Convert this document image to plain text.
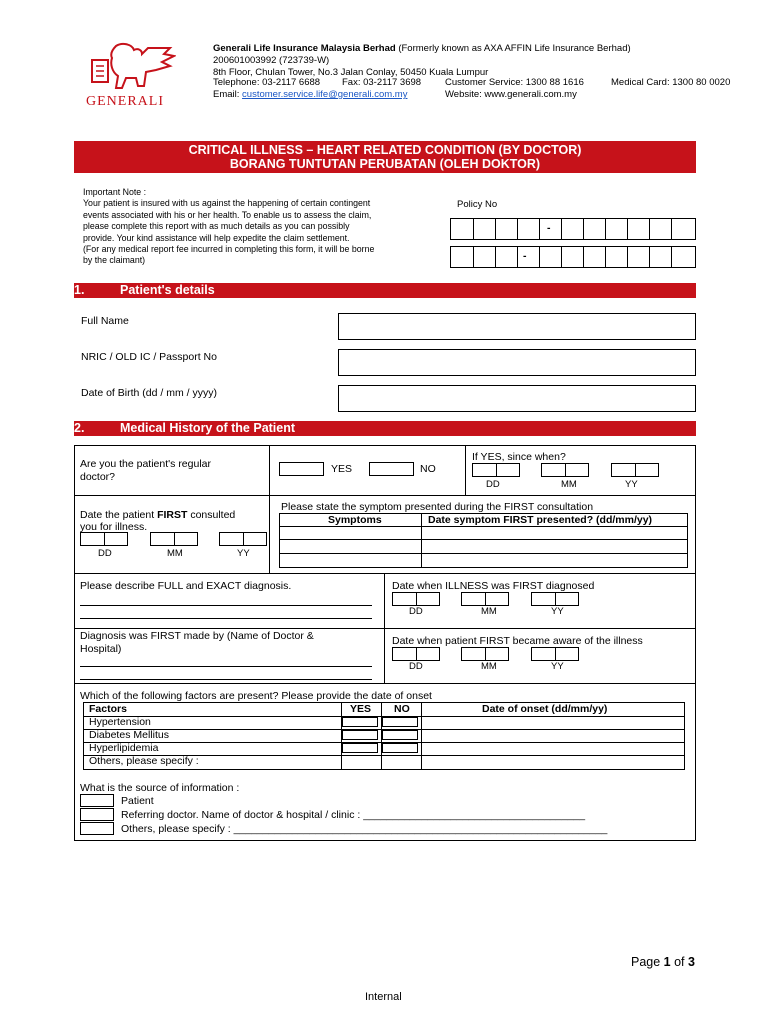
GENERALI
Generali Life Insurance Malaysia Berhad (Formerly known as AXA AFFIN Life Insurance Berhad)
200601003992 (723739-W)
8th Floor, Chulan Tower, No.3 Jalan Conlay, 50450 Kuala Lumpur
Telephone: 03-2117 6688 Fax: 03-2117 3698	Customer Service: 1300 88 1616	Medical Card: 1300 80 0020
Email: customer.service.life@generali.com.my	Website: www.generali.com.my
CRITICAL ILLNESS – HEART RELATED CONDITION (BY DOCTOR)
BORANG TUNTUTAN PERUBATAN (OLEH DOKTOR)
Important Note :
Your patient is insured with us against the happening of certain contingent
events associated with his or her health. To enable us to assess the claim,
please complete this report with as much details as you can possibly
provide. Your kind assistance will help expedite the claim settlement.
(For any medical report fee incurred in completing this form, it will be borne
by the claimant)
Policy No
-
-
1.	Patient's details
Full Name
NRIC / OLD IC / Passport No
Date of Birth (dd / mm / yyyy)
2.	Medical History of the Patient
Are you the patient's regular
doctor?
YES	NO
If YES, since when?
DD	MM	YY
Date the patient FIRST consulted
you for illness.
DD	MM	YY
Please state the symptom presented during the FIRST consultation
Symptoms	Date symptom FIRST presented? (dd/mm/yy)
Please describe FULL and EXACT diagnosis.	Date when ILLNESS was FIRST diagnosed
DD	MM	YY
Diagnosis was FIRST made by (Name of Doctor &
Hospital)
Date when patient FIRST became aware of the illness
DD	MM	YY
Which of the following factors are present? Please provide the date of onset
Factors	YES NO	Date of onset (dd/mm/yy)
Hypertension
Diabetes Mellitus
Hyperlipidemia
Others, please specify :
What is the source of information :
Patient
Referring doctor. Name of doctor & hospital / clinic : ______________________________________
Others, please specify : ________________________________________________________________
Page 1 of 3
Internal
